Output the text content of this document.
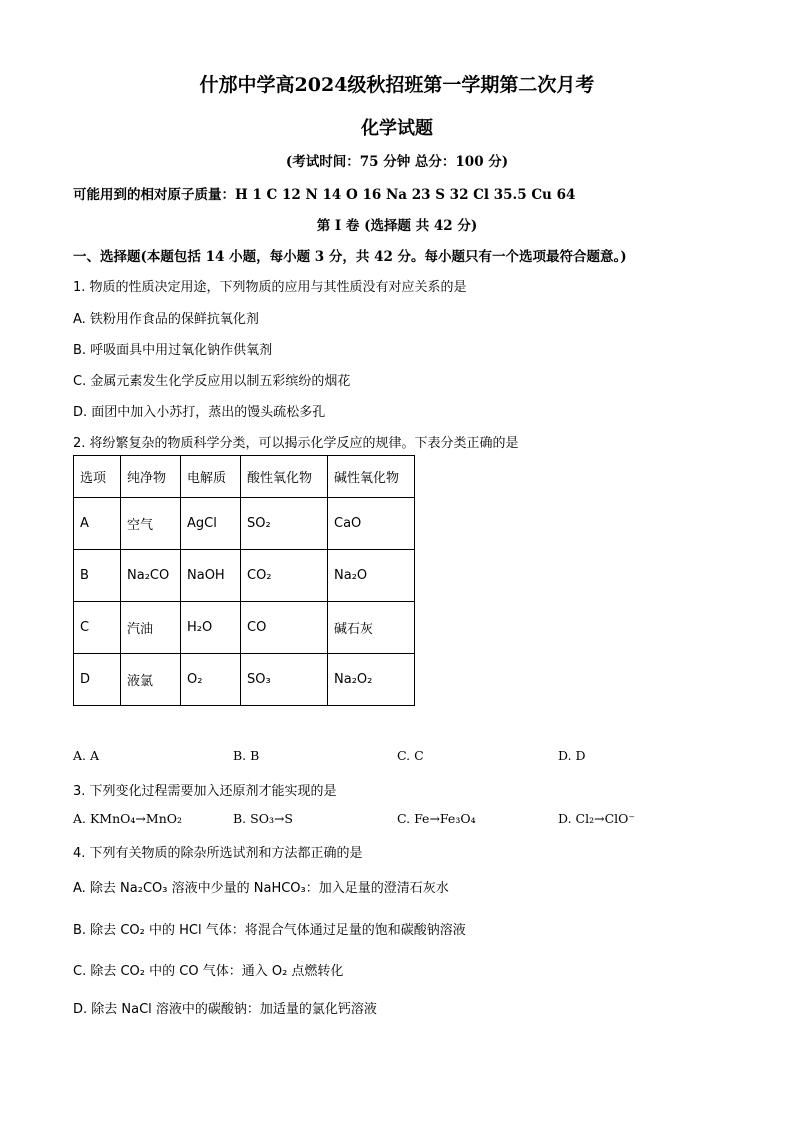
什邡中学高2024级秋招班第一学期第二次月考
化学试题
(考试时间：75 分钟 总分：100 分)
可能用到的相对原子质量：H 1 C 12 N 14 O 16 Na 23 S 32 Cl 35.5 Cu 64
第 I 卷 (选择题 共 42 分)
一、选择题(本题包括 14 小题，每小题 3 分，共 42 分。每小题只有一个选项最符合题意。)
1. 物质的性质决定用途，下列物质的应用与其性质没有对应关系的是
A. 铁粉用作食品的保鲜抗氧化剂
B. 呼吸面具中用过氧化钠作供氧剂
C. 金属元素发生化学反应用以制五彩缤纷的烟花
D. 面团中加入小苏打，蒸出的馒头疏松多孔
2. 将纷繁复杂的物质科学分类，可以揭示化学反应的规律。下表分类正确的是
选项	纯净物	电解质	酸性氧化物	碱性氧化物
A	空气	AgCl	SO₂	CaO
B	Na₂CO	NaOH	CO₂	Na₂O
C	汽油	H₂O	CO	碱石灰
D	液氯	O₂	SO₃	Na₂O₂
A. A	B. B	C. C	D. D
3. 下列变化过程需要加入还原剂才能实现的是
A. KMnO₄→MnO₂	B. SO₃→S	C. Fe→Fe₃O₄	D. Cl₂→ClO⁻
4. 下列有关物质的除杂所选试剂和方法都正确的是
A. 除去 Na₂CO₃ 溶液中少量的 NaHCO₃：加入足量的澄清石灰水
B. 除去 CO₂ 中的 HCl 气体：将混合气体通过足量的饱和碳酸钠溶液
C. 除去 CO₂ 中的 CO 气体：通入 O₂ 点燃转化
D. 除去 NaCl 溶液中的碳酸钠：加适量的氯化钙溶液
